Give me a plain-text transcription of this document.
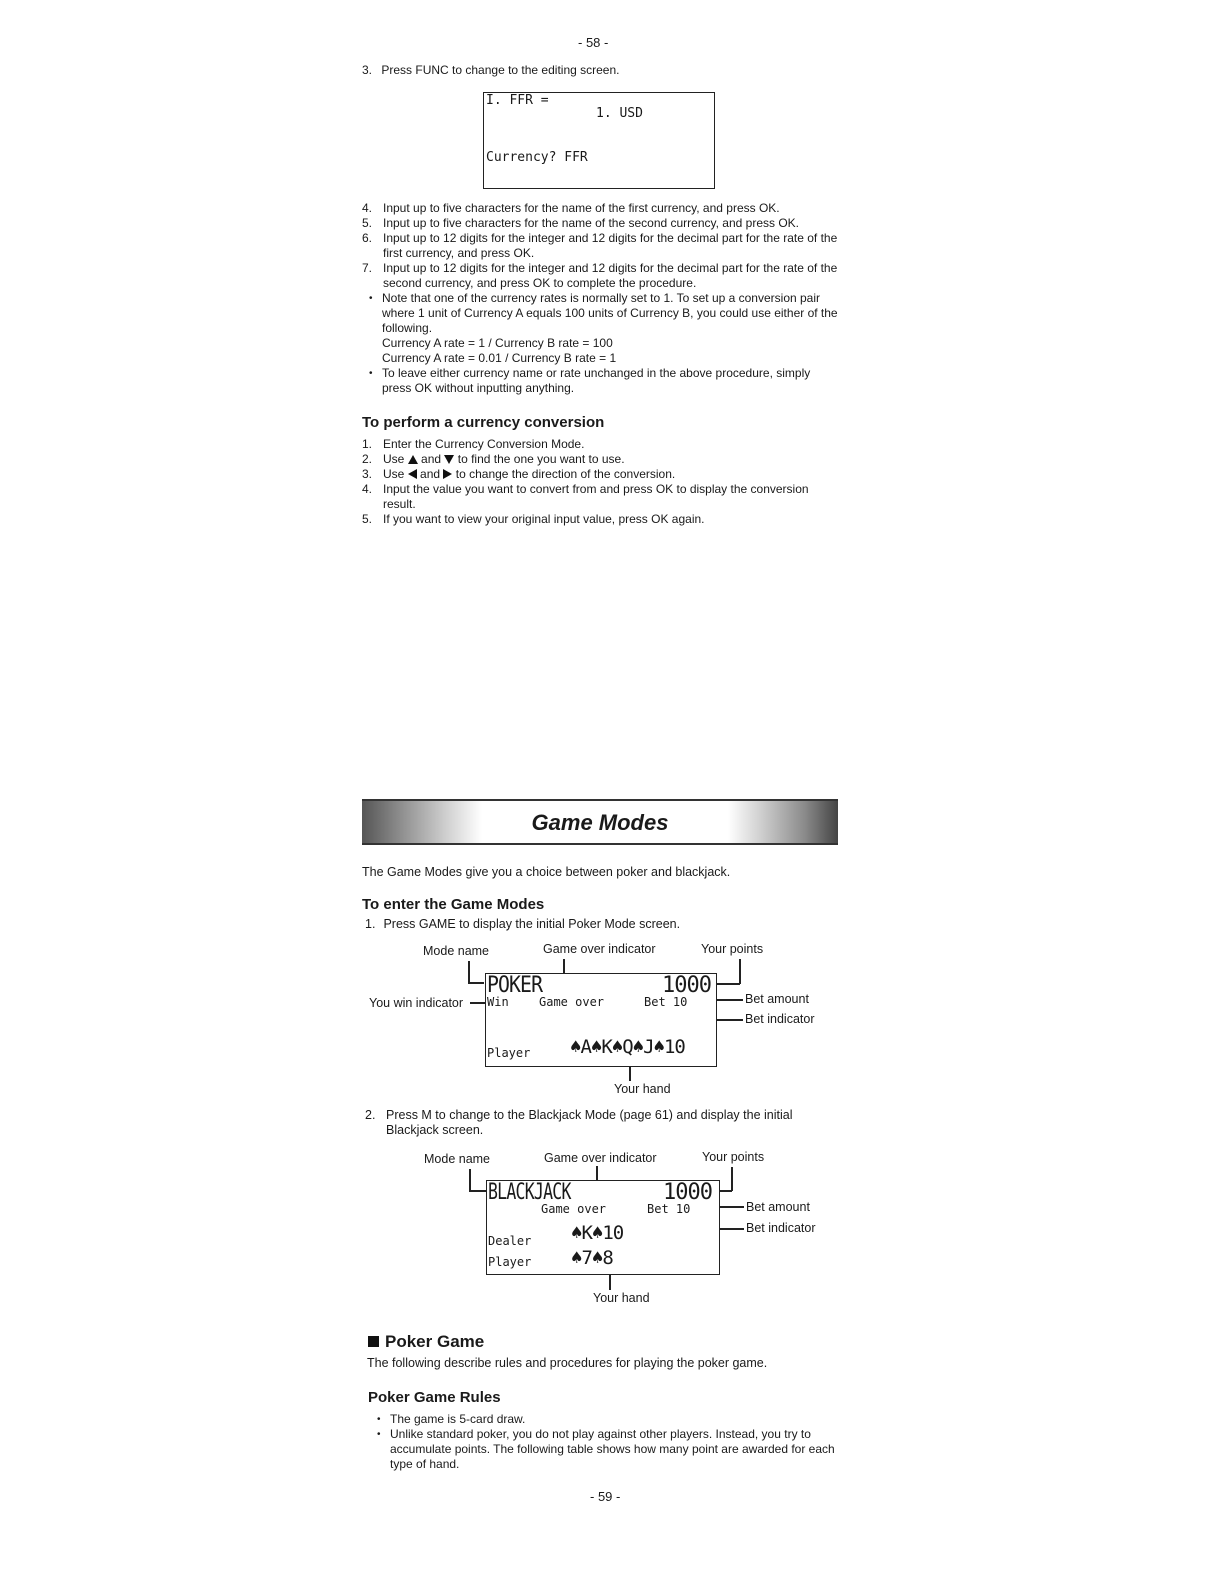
- 58 -
3. Press FUNC to change to the editing screen.
I. FFR =
1. USD
Currency? FFR
4. Input up to five characters for the name of the first currency, and press OK.
5. Input up to five characters for the name of the second currency, and press OK.
6. Input up to 12 digits for the integer and 12 digits for the decimal part for the rate of the first currency, and press OK.
7. Input up to 12 digits for the integer and 12 digits for the decimal part for the rate of the second currency, and press OK to complete the procedure.
• Note that one of the currency rates is normally set to 1. To set up a conversion pair where 1 unit of Currency A equals 100 units of Currency B, you could use either of the following.
Currency A rate = 1 / Currency B rate = 100
Currency A rate = 0.01 / Currency B rate = 1
• To leave either currency name or rate unchanged in the above procedure, simply press OK without inputting anything.
To perform a currency conversion
1. Enter the Currency Conversion Mode.
2. Use and to find the one you want to use.
3. Use and to change the direction of the conversion.
4. Input the value you want to convert from and press OK to display the conversion result.
5. If you want to view your original input value, press OK again.
Game Modes
The Game Modes give you a choice between poker and blackjack.
To enter the Game Modes
1. Press GAME to display the initial Poker Mode screen.
Mode name	Game over indicator	Your points
You win indicator	Bet amount
Bet indicator
Your hand
POKER	1000
Win	Game over	Bet 10
Player ♠A♠K♠Q♠J♠10
2. Press M to change to the Blackjack Mode (page 61) and display the initial Blackjack screen.
Mode name	Game over indicator	Your points
Bet amount
Bet indicator
Your hand
BLACKJACK	1000
Game over	Bet 10
Dealer ♠K♠10
Player ♠7♠8
Poker Game
The following describe rules and procedures for playing the poker game.
Poker Game Rules
• The game is 5-card draw.
• Unlike standard poker, you do not play against other players. Instead, you try to accumulate points. The following table shows how many point are awarded for each type of hand.
- 59 -
